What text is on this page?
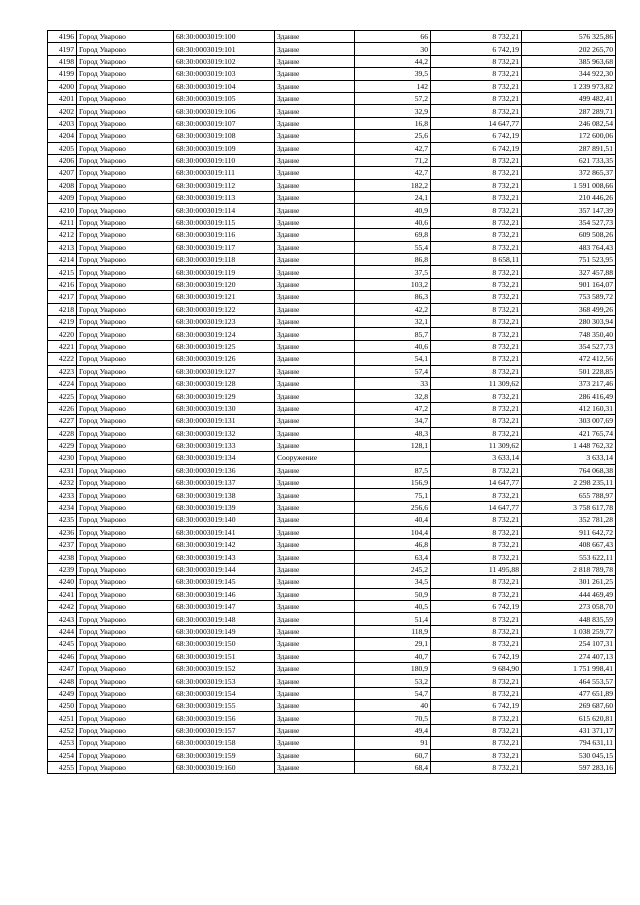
4196	Город Уварово	68:30:0003019:100	Здание	66	8 732,21	576 325,86
4197	Город Уварово	68:30:0003019:101	Здание	30	6 742,19	202 265,70
4198	Город Уварово	68:30:0003019:102	Здание	44,2	8 732,21	385 963,68
4199	Город Уварово	68:30:0003019:103	Здание	39,5	8 732,21	344 922,30
4200	Город Уварово	68:30:0003019:104	Здание	142	8 732,21	1 239 973,82
4201	Город Уварово	68:30:0003019:105	Здание	57,2	8 732,21	499 482,41
4202	Город Уварово	68:30:0003019:106	Здание	32,9	8 732,21	287 289,71
4203	Город Уварово	68:30:0003019:107	Здание	16,8	14 647,77	246 082,54
4204	Город Уварово	68:30:0003019:108	Здание	25,6	6 742,19	172 600,06
4205	Город Уварово	68:30:0003019:109	Здание	42,7	6 742,19	287 891,51
4206	Город Уварово	68:30:0003019:110	Здание	71,2	8 732,21	621 733,35
4207	Город Уварово	68:30:0003019:111	Здание	42,7	8 732,21	372 865,37
4208	Город Уварово	68:30:0003019:112	Здание	182,2	8 732,21	1 591 008,66
4209	Город Уварово	68:30:0003019:113	Здание	24,1	8 732,21	210 446,26
4210	Город Уварово	68:30:0003019:114	Здание	40,9	8 732,21	357 147,39
4211	Город Уварово	68:30:0003019:115	Здание	40,6	8 732,21	354 527,73
4212	Город Уварово	68:30:0003019:116	Здание	69,8	8 732,21	609 508,26
4213	Город Уварово	68:30:0003019:117	Здание	55,4	8 732,21	483 764,43
4214	Город Уварово	68:30:0003019:118	Здание	86,8	8 658,11	751 523,95
4215	Город Уварово	68:30:0003019:119	Здание	37,5	8 732,21	327 457,88
4216	Город Уварово	68:30:0003019:120	Здание	103,2	8 732,21	901 164,07
4217	Город Уварово	68:30:0003019:121	Здание	86,3	8 732,21	753 589,72
4218	Город Уварово	68:30:0003019:122	Здание	42,2	8 732,21	368 499,26
4219	Город Уварово	68:30:0003019:123	Здание	32,1	8 732,21	280 303,94
4220	Город Уварово	68:30:0003019:124	Здание	85,7	8 732,21	748 350,40
4221	Город Уварово	68:30:0003019:125	Здание	40,6	8 732,21	354 527,73
4222	Город Уварово	68:30:0003019:126	Здание	54,1	8 732,21	472 412,56
4223	Город Уварово	68:30:0003019:127	Здание	57,4	8 732,21	501 228,85
4224	Город Уварово	68:30:0003019:128	Здание	33	11 309,62	373 217,46
4225	Город Уварово	68:30:0003019:129	Здание	32,8	8 732,21	286 416,49
4226	Город Уварово	68:30:0003019:130	Здание	47,2	8 732,21	412 160,31
4227	Город Уварово	68:30:0003019:131	Здание	34,7	8 732,21	303 007,69
4228	Город Уварово	68:30:0003019:132	Здание	48,3	8 732,21	421 765,74
4229	Город Уварово	68:30:0003019:133	Здание	128,1	11 309,62	1 448 762,32
4230	Город Уварово	68:30:0003019:134	Сооружение		3 633,14	3 633,14
4231	Город Уварово	68:30:0003019:136	Здание	87,5	8 732,21	764 068,38
4232	Город Уварово	68:30:0003019:137	Здание	156,9	14 647,77	2 298 235,11
4233	Город Уварово	68:30:0003019:138	Здание	75,1	8 732,21	655 788,97
4234	Город Уварово	68:30:0003019:139	Здание	256,6	14 647,77	3 758 617,78
4235	Город Уварово	68:30:0003019:140	Здание	40,4	8 732,21	352 781,28
4236	Город Уварово	68:30:0003019:141	Здание	104,4	8 732,21	911 642,72
4237	Город Уварово	68:30:0003019:142	Здание	46,8	8 732,21	408 667,43
4238	Город Уварово	68:30:0003019:143	Здание	63,4	8 732,21	553 622,11
4239	Город Уварово	68:30:0003019:144	Здание	245,2	11 495,88	2 818 789,78
4240	Город Уварово	68:30:0003019:145	Здание	34,5	8 732,21	301 261,25
4241	Город Уварово	68:30:0003019:146	Здание	50,9	8 732,21	444 469,49
4242	Город Уварово	68:30:0003019:147	Здание	40,5	6 742,19	273 058,70
4243	Город Уварово	68:30:0003019:148	Здание	51,4	8 732,21	448 835,59
4244	Город Уварово	68:30:0003019:149	Здание	118,9	8 732,21	1 038 259,77
4245	Город Уварово	68:30:0003019:150	Здание	29,1	8 732,21	254 107,31
4246	Город Уварово	68:30:0003019:151	Здание	40,7	6 742,19	274 407,13
4247	Город Уварово	68:30:0003019:152	Здание	180,9	9 684,90	1 751 998,41
4248	Город Уварово	68:30:0003019:153	Здание	53,2	8 732,21	464 553,57
4249	Город Уварово	68:30:0003019:154	Здание	54,7	8 732,21	477 651,89
4250	Город Уварово	68:30:0003019:155	Здание	40	6 742,19	269 687,60
4251	Город Уварово	68:30:0003019:156	Здание	70,5	8 732,21	615 620,81
4252	Город Уварово	68:30:0003019:157	Здание	49,4	8 732,21	431 371,17
4253	Город Уварово	68:30:0003019:158	Здание	91	8 732,21	794 631,11
4254	Город Уварово	68:30:0003019:159	Здание	60,7	8 732,21	530 045,15
4255	Город Уварово	68:30:0003019:160	Здание	68,4	8 732,21	597 283,16
